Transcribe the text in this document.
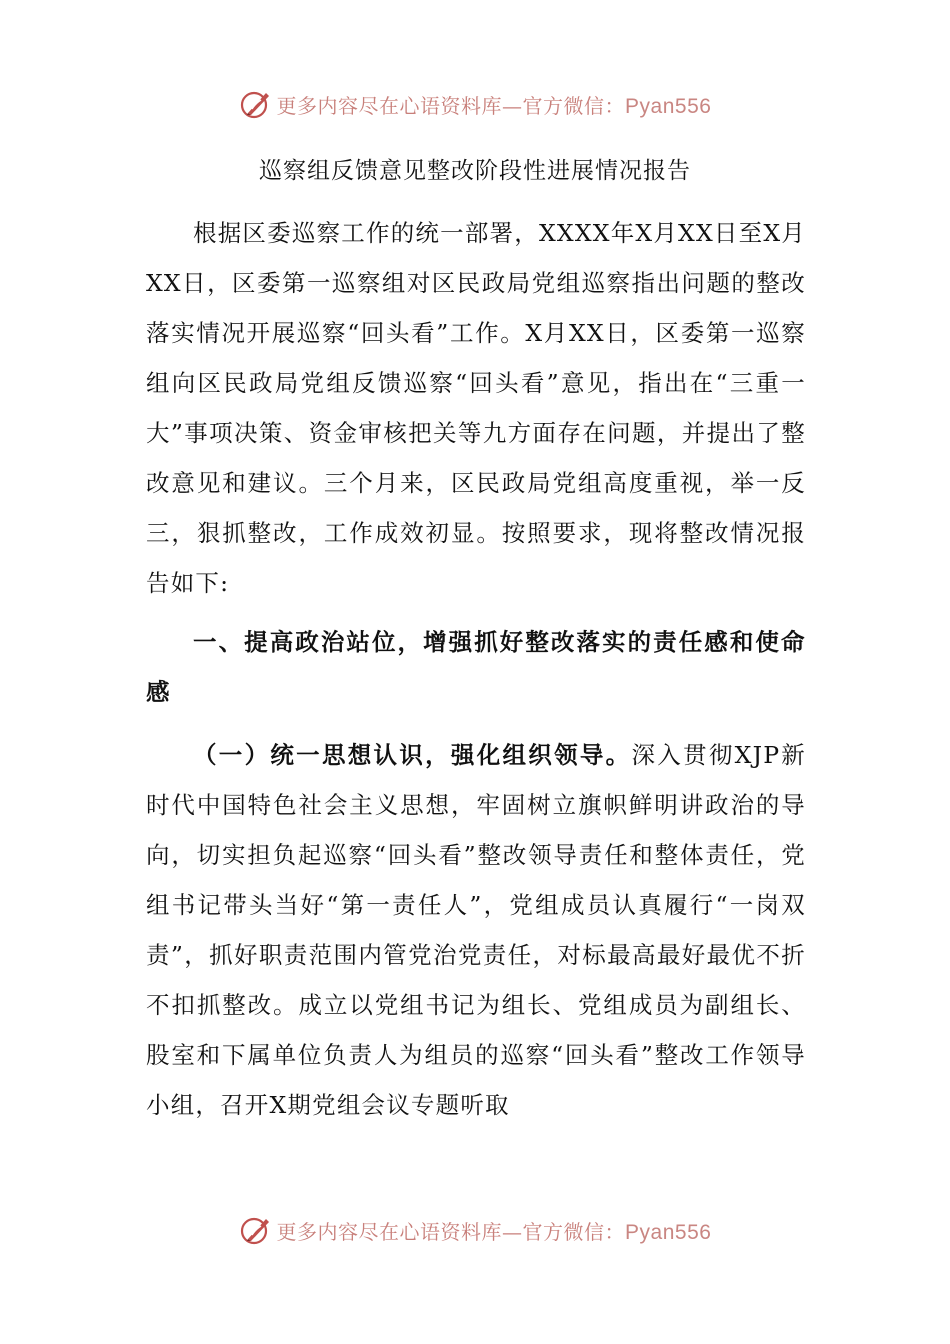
更多内容尽在心语资料库—官方微信：Pyan556
巡察组反馈意见整改阶段性进展情况报告
根据区委巡察工作的统一部署，XXXX年X月XX日至X月XX日，区委第一巡察组对区民政局党组巡察指出问题的整改落实情况开展巡察“回头看”工作。X月XX日，区委第一巡察组向区民政局党组反馈巡察“回头看”意见，指出在“三重一大”事项决策、资金审核把关等九方面存在问题，并提出了整改意见和建议。三个月来，区民政局党组高度重视，举一反三，狠抓整改，工作成效初显。按照要求，现将整改情况报告如下:
一、提高政治站位，增强抓好整改落实的责任感和使命感
（一）统一思想认识，强化组织领导。深入贯彻XJP新时代中国特色社会主义思想，牢固树立旗帜鲜明讲政治的导向，切实担负起巡察“回头看”整改领导责任和整体责任，党组书记带头当好“第一责任人”，党组成员认真履行“一岗双责”，抓好职责范围内管党治党责任，对标最高最好最优不折不扣抓整改。成立以党组书记为组长、党组成员为副组长、股室和下属单位负责人为组员的巡察“回头看”整改工作领导小组，召开X期党组会议专题听取
更多内容尽在心语资料库—官方微信：Pyan556
